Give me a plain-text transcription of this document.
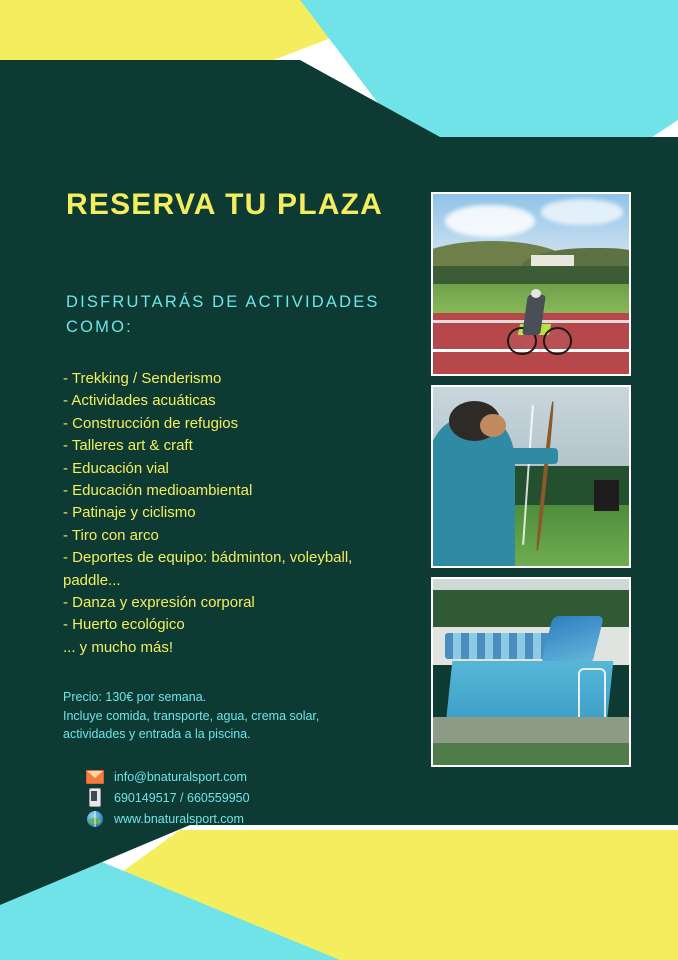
RESERVA TU PLAZA
DISFRUTARÁS DE ACTIVIDADES COMO:
- Trekking / Senderismo
- Actividades acuáticas
- Construcción de refugios
- Talleres art & craft
- Educación vial
- Educación medioambiental
- Patinaje y ciclismo
- Tiro con arco
- Deportes de equipo: bádminton, voleyball, paddle...
- Danza y expresión corporal
- Huerto ecológico
... y mucho más!
Precio: 130€ por semana.
Incluye comida, transporte, agua, crema solar, actividades y entrada a la piscina.
info@bnaturalsport.com
690149517 / 660559950
www.bnaturalsport.com
